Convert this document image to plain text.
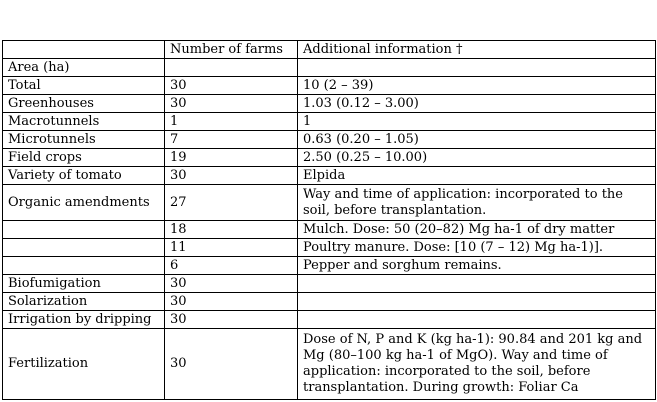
	Number of farms	Additional information †
Area (ha)		
Total	30	10 (2 – 39)
Greenhouses	30	1.03 (0.12 – 3.00)
Macrotunnels	1	1
Microtunnels	7	0.63 (0.20 – 1.05)
Field crops	19	2.50 (0.25 – 10.00)
Variety of tomato	30	Elpida
Organic amendments	27	Way and time of application: incorporated to the soil, before transplantation.
	18	Mulch. Dose: 50 (20–82) Mg ha-1 of dry matter
	11	Poultry manure. Dose: [10 (7 – 12) Mg ha-1)].
	6	Pepper and sorghum remains.
Biofumigation	30	
Solarization	30	
Irrigation by dripping	30	
Fertilization	30	Dose of N, P and K (kg ha-1): 90.84 and 201 kg and Mg (80–100 kg ha-1 of MgO). Way and time of application: incorporated to the soil, before transplantation. During growth: Foliar Ca
